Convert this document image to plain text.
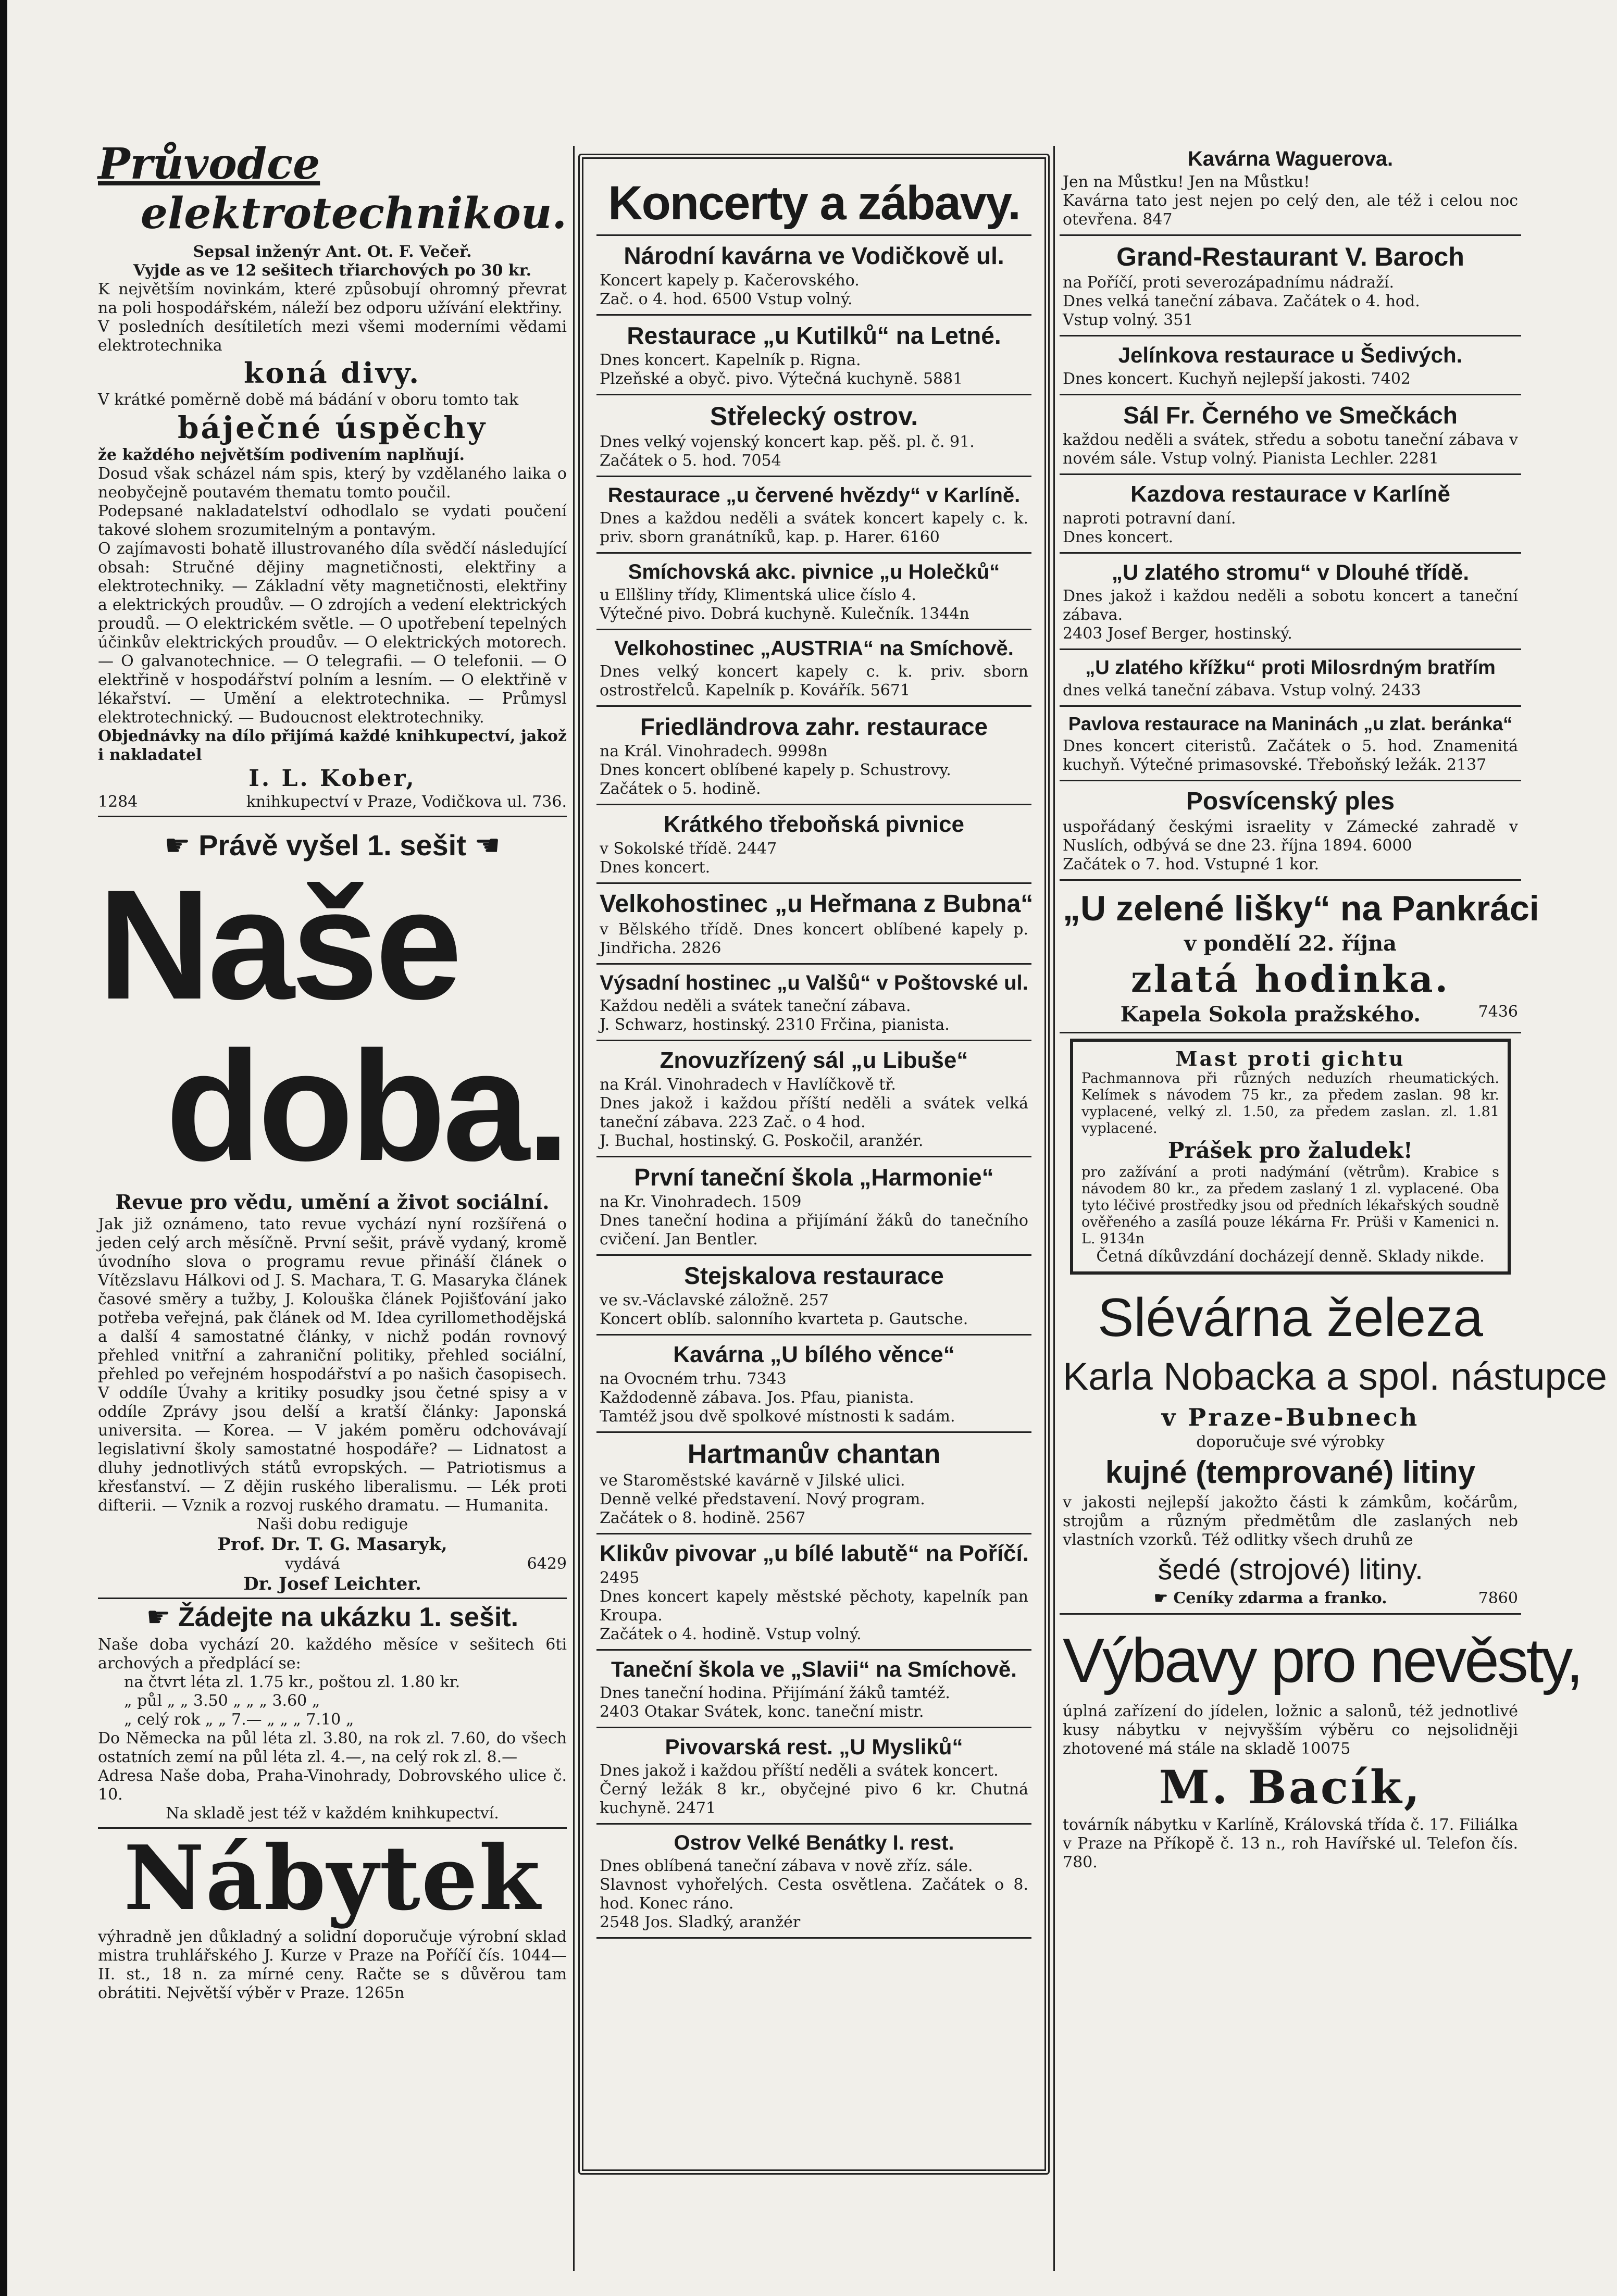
Průvodce

elektrotechnikou.

Sepsal inženýr Ant. Ot. F. Večeř.

Vyjde as ve 12 sešitech třiarchových po 30 kr.

K největším novinkám, které způsobují ohromný převrat na poli hospodářském, náleží bez odporu užívání elektřiny.

V posledních desítiletích mezi všemi moderními vědami elektrotechnika

koná divy.

V krátké poměrně době má bádání v oboru tomto tak

báječné úspěchy

že každého největším podivením naplňují.

Dosud však scházel nám spis, který by vzdělaného laika o neobyčejně poutavém thematu tomto poučil.

Podepsané nakladatelství odhodlalo se vydati poučení takové slohem srozumitelným a pontavým.

O zajímavosti bohatě illustrovaného díla svědčí následující obsah: Stručné dějiny magnetičnosti, elektřiny a elektrotechniky. — Základní věty magnetičnosti, elektřiny a elektrických proudův. — O zdrojích a vedení elektrických proudů. — O elektrickém světle. — O upotřebení tepelných účinkův elektrických proudův. — O elektrických motorech. — O galvanotechnice. — O telegrafii. — O telefonii. — O elektřině v hospodářství polním a lesním. — O elektřině v lékařství. — Umění a elektrotechnika. — Průmysl elektrotechnický. — Budoucnost elektrotechniky.

Objednávky na dílo přijímá každé knihkupectví, jakož i nakladatel

I. L. Kober,

1284	knihkupectví v Praze, Vodičkova ul. 736.

☛ Právě vyšel 1. sešit ☚

Naše

doba.

Revue pro vědu, umění a život sociální.

Jak již oznámeno, tato revue vychází nyní rozšířená o jeden celý arch měsíčně. První sešit, právě vydaný, kromě úvodního slova o programu revue přináší článek o Vítězslavu Hálkovi od J. S. Machara, T. G. Masaryka článek časové směry a tužby, J. Kolouška článek Pojišťování jako potřeba veřejná, pak článek od M. Idea cyrillomethodějská a další 4 samostatné články, v nichž podán rovnový přehled vnitřní a zahraniční politiky, přehled sociální, přehled po veřejném hospodářství a po našich časopisech. V oddíle Úvahy a kritiky posudky jsou četné spisy a v oddíle Zprávy jsou delší a kratší články: Japonská universita. — Korea. — V jakém poměru odchovávají legislativní školy samostatné hospodáře? — Lidnatost a dluhy jednotlivých států evropských. — Patriotismus a křesťanství. — Z dějin ruského liberalismu. — Lék proti difterii. — Vznik a rozvoj ruského dramatu. — Humanita.

Naši dobu rediguje

Prof. Dr. T. G. Masaryk,

vydává	6429

Dr. Josef Leichter.

☛ Žádejte na ukázku 1. sešit.

Naše doba vychází 20. každého měsíce v sešitech 6ti archových a předplácí se:

na čtvrt léta zl. 1.75 kr., poštou zl. 1.80 kr.

„ půl „ „ 3.50 „ „ „ 3.60 „

„ celý rok „ „ 7.— „ „ „ 7.10 „

Do Německa na půl léta zl. 3.80, na rok zl. 7.60, do všech ostatních zemí na půl léta zl. 4.—, na celý rok zl. 8.—

Adresa Naše doba, Praha-Vinohrady, Dobrovského ulice č. 10.

Na skladě jest též v každém knihkupectví.

Nábytek

výhradně jen důkladný a solidní doporučuje výrobní sklad mistra truhlářského J. Kurze v Praze na Poříčí čís. 1044—II. st., 18 n. za mírné ceny. Račte se s důvěrou tam obrátiti. Největší výběr v Praze. 1265n

Koncerty a zábavy.

Národní kavárna ve Vodičkově ul.

Koncert kapely p. Kačerovského.

Zač. o 4. hod. 6500 Vstup volný.

Restaurace „u Kutilků“ na Letné.

Dnes koncert. Kapelník p. Rigna.

Plzeňské a obyč. pivo. Výtečná kuchyně. 5881

Střelecký ostrov.

Dnes velký vojenský koncert kap. pěš. pl. č. 91.

Začátek o 5. hod. 7054

Restaurace „u červené hvězdy“ v Karlíně.

Dnes a každou neděli a svátek koncert kapely c. k. priv. sborn granátníků, kap. p. Harer. 6160

Smíchovská akc. pivnice „u Holečků“

u Ellšliny třídy, Klimentská ulice číslo 4.

Výtečné pivo. Dobrá kuchyně. Kulečník. 1344n

Velkohostinec „AUSTRIA“ na Smíchově.

Dnes velký koncert kapely c. k. priv. sborn ostrostřelců. Kapelník p. Kovářík. 5671

Friedländrova zahr. restaurace

na Král. Vinohradech. 9998n

Dnes koncert oblíbené kapely p. Schustrovy.

Začátek o 5. hodině.

Krátkého třeboňská pivnice

v Sokolské třídě. 2447

Dnes koncert.

Velkohostinec „u Heřmana z Bubna“

v Bělského třídě. Dnes koncert oblíbené kapely p. Jindřicha. 2826

Výsadní hostinec „u Valšů“ v Poštovské ul.

Každou neděli a svátek taneční zábava.

J. Schwarz, hostinský. 2310 Frčina, pianista.

Znovuzřízený sál „u Libuše“

na Král. Vinohradech v Havlíčkově tř.

Dnes jakož i každou příští neděli a svátek velká taneční zábava. 223 Zač. o 4 hod.

J. Buchal, hostinský. G. Poskočil, aranžér.

První taneční škola „Harmonie“

na Kr. Vinohradech. 1509

Dnes taneční hodina a přijímání žáků do tanečního cvičení. Jan Bentler.

Stejskalova restaurace

ve sv.-Václavské záložně. 257

Koncert oblíb. salonního kvarteta p. Gautsche.

Kavárna „U bílého věnce“

na Ovocném trhu. 7343

Každodenně zábava. Jos. Pfau, pianista.

Tamtéž jsou dvě spolkové místnosti k sadám.

Hartmanův chantan

ve Staroměstské kavárně v Jilské ulici.

Denně velké představení. Nový program.

Začátek o 8. hodině. 2567

Klikův pivovar „u bílé labutě“ na Poříčí.

2495

Dnes koncert kapely městské pěchoty, kapelník pan Kroupa.

Začátek o 4. hodině. Vstup volný.

Taneční škola ve „Slavii“ na Smíchově.

Dnes taneční hodina. Přijímání žáků tamtéž.

2403 Otakar Svátek, konc. taneční mistr.

Pivovarská rest. „U Mysliků“

Dnes jakož i každou příští neděli a svátek koncert.

Černý ležák 8 kr., obyčejné pivo 6 kr. Chutná kuchyně. 2471

Ostrov Velké Benátky I. rest.

Dnes oblíbená taneční zábava v nově zříz. sále.

Slavnost vyhořelých. Cesta osvětlena. Začátek o 8. hod. Konec ráno.

2548 Jos. Sladký, aranžér

Kavárna Waguerova.

Jen na Můstku! Jen na Můstku!

Kavárna tato jest nejen po celý den, ale též i celou noc otevřena. 847

Grand-Restaurant V. Baroch

na Poříčí, proti severozápadnímu nádraží.

Dnes velká taneční zábava. Začátek o 4. hod.

Vstup volný. 351

Jelínkova restaurace u Šedivých.

Dnes koncert. Kuchyň nejlepší jakosti. 7402

Sál Fr. Černého ve Smečkách

každou neděli a svátek, středu a sobotu taneční zábava v novém sále. Vstup volný. Pianista Lechler. 2281

Kazdova restaurace v Karlíně

naproti potravní daní.

Dnes koncert.

„U zlatého stromu“ v Dlouhé třídě.

Dnes jakož i každou neděli a sobotu koncert a taneční zábava.

2403 Josef Berger, hostinský.

„U zlatého křížku“ proti Milosrdným bratřím

dnes velká taneční zábava. Vstup volný. 2433

Pavlova restaurace na Maninách „u zlat. beránka“

Dnes koncert citeristů. Začátek o 5. hod. Znamenitá kuchyň. Výtečné primasovské. Třeboňský ležák. 2137

Posvícenský ples

uspořádaný českými israelity v Zámecké zahradě v Nuslích, odbývá se dne 23. října 1894. 6000

Začátek o 7. hod. Vstupné 1 kor.

„U zelené lišky“ na Pankráci

v pondělí 22. října

zlatá hodinka.

Kapela Sokola pražského.	7436

Mast proti gichtu

Pachmannova při různých neduzích rheumatických. Kelímek s návodem 75 kr., za předem zaslan. 98 kr. vyplacené, velký zl. 1.50, za předem zaslan. zl. 1.81 vyplacené.

Prášek pro žaludek!

pro zažívání a proti nadýmání (větrům). Krabice s návodem 80 kr., za předem zaslaný 1 zl. vyplacené. Oba tyto léčivé prostředky jsou od předních lékařských soudně ověřeného a zasílá pouze lékárna Fr. Prüši v Kamenici n. L. 9134n

Četná díkůvzdání docházejí denně. Sklady nikde.

Slévárna železa

Karla Nobacka a spol. nástupce

v Praze-Bubnech

doporučuje své výrobky

kujné (temprované) litiny

v jakosti nejlepší jakožto části k zámkům, kočárům, strojům a různým předmětům dle zaslaných neb vlastních vzorků. Též odlitky všech druhů ze

šedé (strojové) litiny.

☛ Ceníky zdarma a franko.	7860

Výbavy pro nevěsty,

úplná zařízení do jídelen, ložnic a salonů, též jednotlivé kusy nábytku v nejvyšším výběru co nejsolidněji zhotovené má stále na skladě 10075

M. Bacík,

továrník nábytku v Karlíně, Královská třída č. 17. Filiálka v Praze na Příkopě č. 13 n., roh Havířské ul. Telefon čís. 780.
